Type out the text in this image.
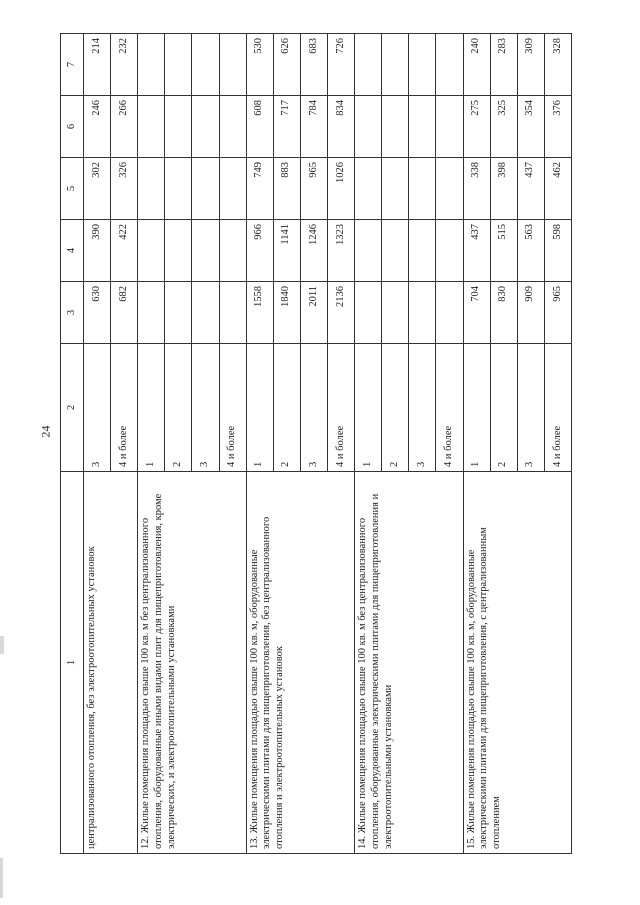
24
1	2	3	4	5	6	7
централизованного отопления, без электроотопительных установок	3	630	390	302	246	214
	4 и более	682	422	326	266	232
12. Жилые помещения площадью свыше 100 кв. м без централизованного отопления, оборудованные иными видами плит для пищеприготовления, кроме электрических, и электроотопительными установками	1					
	2					
	3					
	4 и более					
13. Жилые помещения площадью свыше 100 кв. м, оборудованные электрическими плитами для пищеприготовления, без централизованного отопления и электроотопительных установок	1	1558	966	749	608	530
	2	1840	1141	883	717	626
	3	2011	1246	965	784	683
	4 и более	2136	1323	1026	834	726
14. Жилые помещения площадью свыше 100 кв. м без централизованного отопления, оборудованные электрическими плитами для пищеприготовления и электроотопительными установками	1					
	2					
	3					
	4 и более					
15. Жилые помещения площадью свыше 100 кв. м, оборудованные электрическими плитами для пищеприготовления, с централизованным отоплением	1	704	437	338	275	240
	2	830	515	398	325	283
	3	909	563	437	354	309
	4 и более	965	598	462	376	328
